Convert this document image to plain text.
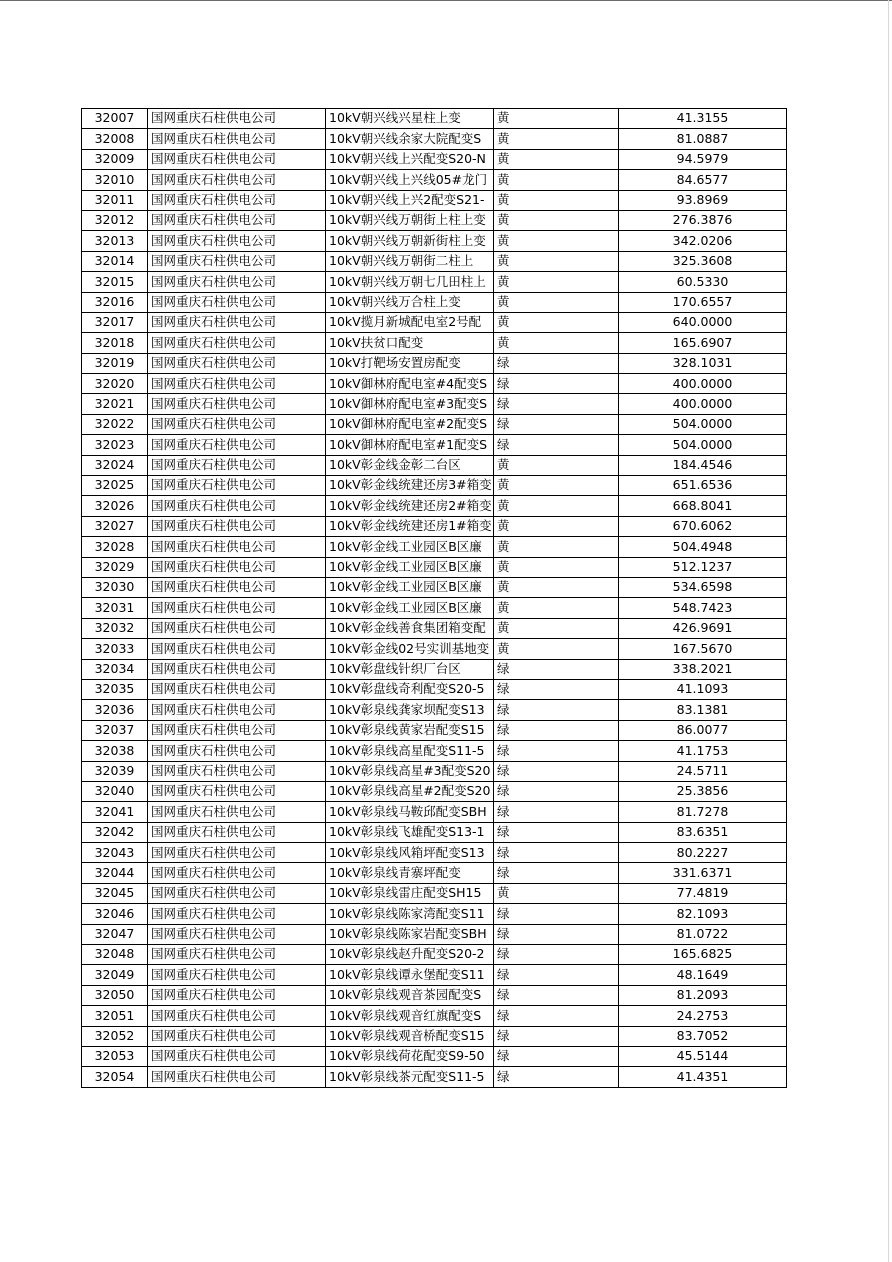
32007	国网重庆石柱供电公司	10kV朝兴线兴星柱上变	黄	41.3155
32008	国网重庆石柱供电公司	10kV朝兴线余家大院配变S	黄	81.0887
32009	国网重庆石柱供电公司	10kV朝兴线上兴配变S20-N	黄	94.5979
32010	国网重庆石柱供电公司	10kV朝兴线上兴线05#龙门	黄	84.6577
32011	国网重庆石柱供电公司	10kV朝兴线上兴2配变S21-	黄	93.8969
32012	国网重庆石柱供电公司	10kV朝兴线万朝街上柱上变	黄	276.3876
32013	国网重庆石柱供电公司	10kV朝兴线万朝新街柱上变	黄	342.0206
32014	国网重庆石柱供电公司	10kV朝兴线万朝街二柱上	黄	325.3608
32015	国网重庆石柱供电公司	10kV朝兴线万朝七几田柱上	黄	60.5330
32016	国网重庆石柱供电公司	10kV朝兴线万合柱上变	黄	170.6557
32017	国网重庆石柱供电公司	10kV揽月新城配电室2号配	黄	640.0000
32018	国网重庆石柱供电公司	10kV扶贫口配变	黄	165.6907
32019	国网重庆石柱供电公司	10kV打靶场安置房配变	绿	328.1031
32020	国网重庆石柱供电公司	10kV御林府配电室#4配变S	绿	400.0000
32021	国网重庆石柱供电公司	10kV御林府配电室#3配变S	绿	400.0000
32022	国网重庆石柱供电公司	10kV御林府配电室#2配变S	绿	504.0000
32023	国网重庆石柱供电公司	10kV御林府配电室#1配变S	绿	504.0000
32024	国网重庆石柱供电公司	10kV彰金线金彰二台区	黄	184.4546
32025	国网重庆石柱供电公司	10kV彰金线统建还房3#箱变	黄	651.6536
32026	国网重庆石柱供电公司	10kV彰金线统建还房2#箱变	黄	668.8041
32027	国网重庆石柱供电公司	10kV彰金线统建还房1#箱变	黄	670.6062
32028	国网重庆石柱供电公司	10kV彰金线工业园区B区廉	黄	504.4948
32029	国网重庆石柱供电公司	10kV彰金线工业园区B区廉	黄	512.1237
32030	国网重庆石柱供电公司	10kV彰金线工业园区B区廉	黄	534.6598
32031	国网重庆石柱供电公司	10kV彰金线工业园区B区廉	黄	548.7423
32032	国网重庆石柱供电公司	10kV彰金线善食集团箱变配	黄	426.9691
32033	国网重庆石柱供电公司	10kV彰金线02号实训基地变	黄	167.5670
32034	国网重庆石柱供电公司	10kV彰盘线针织厂台区	绿	338.2021
32035	国网重庆石柱供电公司	10kV彰盘线奇利配变S20-5	绿	41.1093
32036	国网重庆石柱供电公司	10kV彰泉线龚家坝配变S13	绿	83.1381
32037	国网重庆石柱供电公司	10kV彰泉线黄家岩配变S15	绿	86.0077
32038	国网重庆石柱供电公司	10kV彰泉线高星配变S11-5	绿	41.1753
32039	国网重庆石柱供电公司	10kV彰泉线高星#3配变S20	绿	24.5711
32040	国网重庆石柱供电公司	10kV彰泉线高星#2配变S20	绿	25.3856
32041	国网重庆石柱供电公司	10kV彰泉线马鞍邱配变SBH	绿	81.7278
32042	国网重庆石柱供电公司	10kV彰泉线飞雄配变S13-1	绿	83.6351
32043	国网重庆石柱供电公司	10kV彰泉线风箱坪配变S13	绿	80.2227
32044	国网重庆石柱供电公司	10kV彰泉线青寨坪配变	绿	331.6371
32045	国网重庆石柱供电公司	10kV彰泉线雷庄配变SH15	黄	77.4819
32046	国网重庆石柱供电公司	10kV彰泉线陈家湾配变S11	绿	82.1093
32047	国网重庆石柱供电公司	10kV彰泉线陈家岩配变SBH	绿	81.0722
32048	国网重庆石柱供电公司	10kV彰泉线赵升配变S20-2	绿	165.6825
32049	国网重庆石柱供电公司	10kV彰泉线谭永堡配变S11	绿	48.1649
32050	国网重庆石柱供电公司	10kV彰泉线观音茶园配变S	绿	81.2093
32051	国网重庆石柱供电公司	10kV彰泉线观音红旗配变S	绿	24.2753
32052	国网重庆石柱供电公司	10kV彰泉线观音桥配变S15	绿	83.7052
32053	国网重庆石柱供电公司	10kV彰泉线荷花配变S9-50	绿	45.5144
32054	国网重庆石柱供电公司	10kV彰泉线茶元配变S11-5	绿	41.4351
